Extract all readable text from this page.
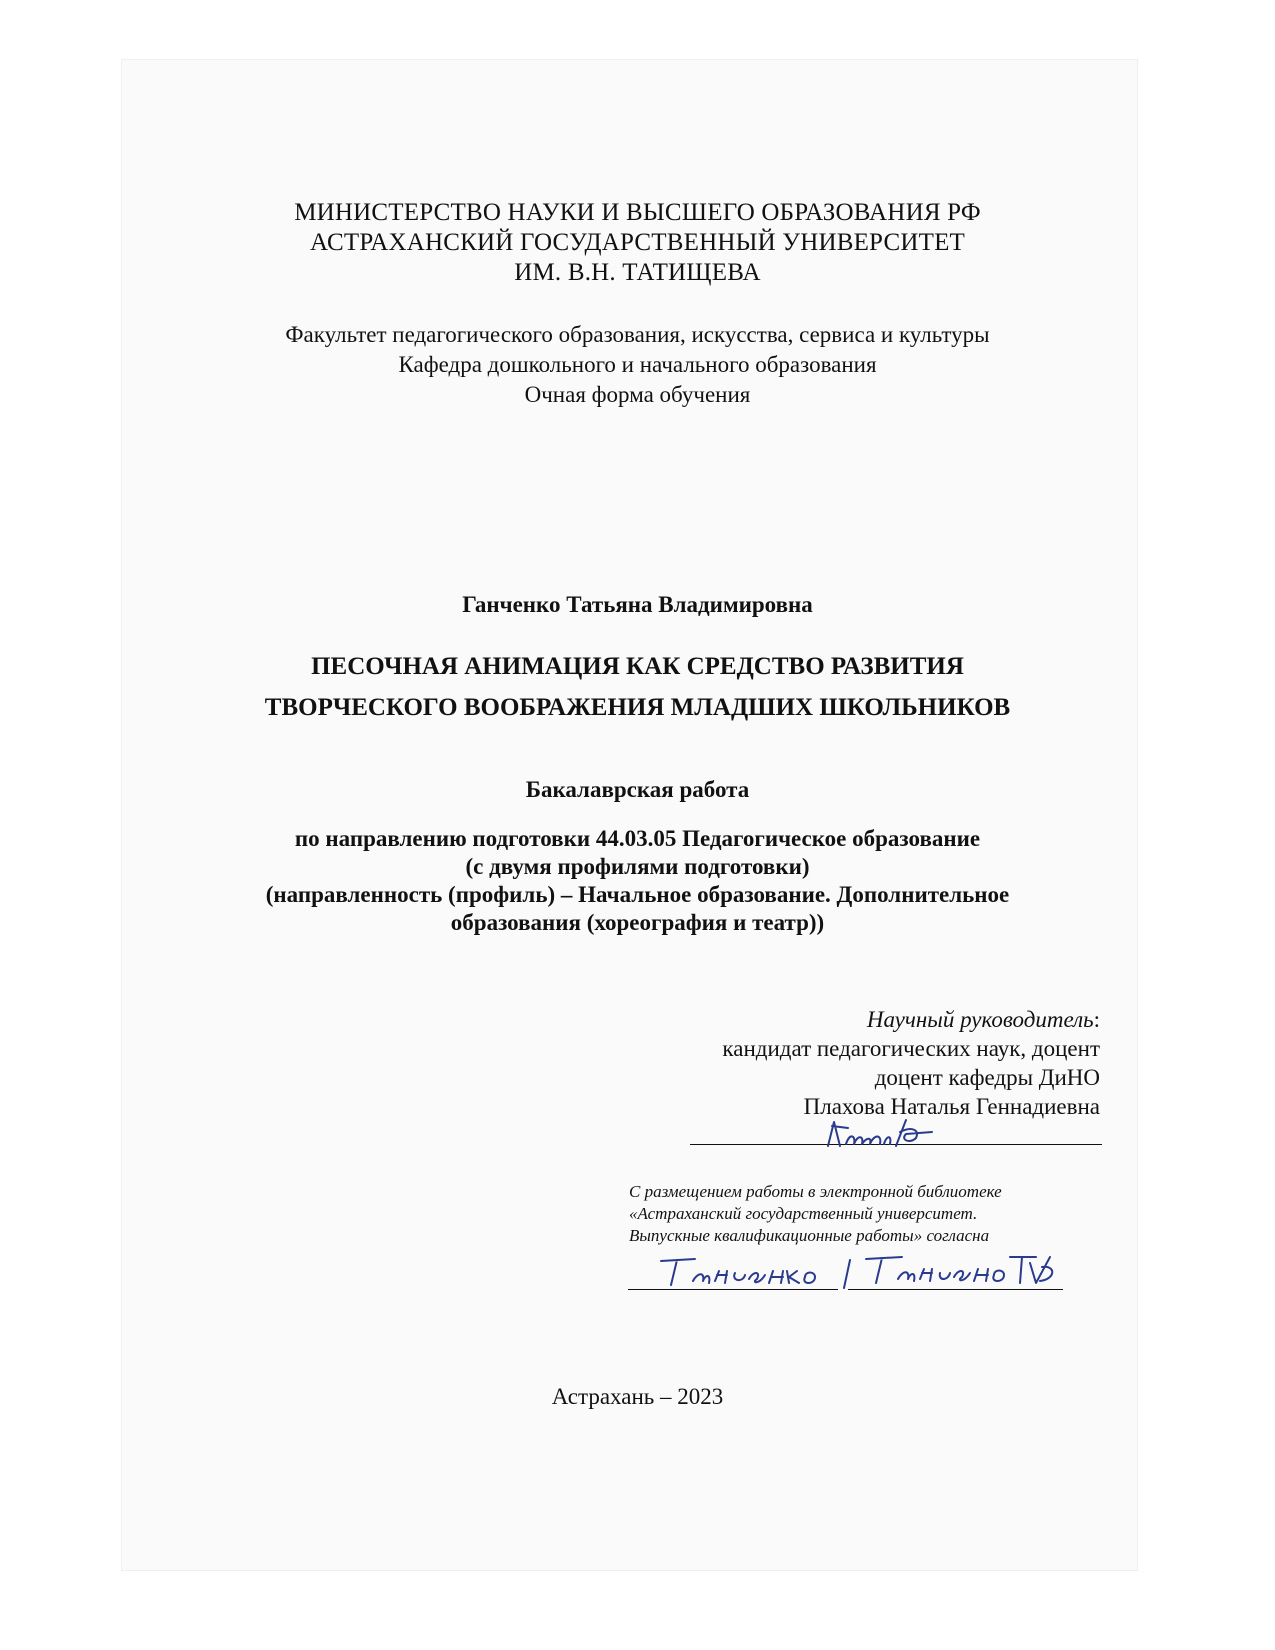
МИНИСТЕРСТВО НАУКИ И ВЫСШЕГО ОБРАЗОВАНИЯ РФ
АСТРАХАНСКИЙ ГОСУДАРСТВЕННЫЙ УНИВЕРСИТЕТ
ИМ. В.Н. ТАТИЩЕВА
Факультет педагогического образования, искусства, сервиса и культуры
Кафедра дошкольного и начального образования
Очная форма обучения
Ганченко Татьяна Владимировна
ПЕСОЧНАЯ АНИМАЦИЯ КАК СРЕДСТВО РАЗВИТИЯ
ТВОРЧЕСКОГО ВООБРАЖЕНИЯ МЛАДШИХ ШКОЛЬНИКОВ
Бакалаврская работа
по направлению подготовки 44.03.05 Педагогическое образование
(с двумя профилями подготовки)
(направленность (профиль) – Начальное образование. Дополнительное
образования (хореография и театр))
Научный руководитель:
кандидат педагогических наук, доцент
доцент кафедры ДиНО
Плахова Наталья Геннадиевна
С размещением работы в электронной библиотеке
«Астраханский государственный университет.
Выпускные квалификационные работы» согласна
Астрахань – 2023
